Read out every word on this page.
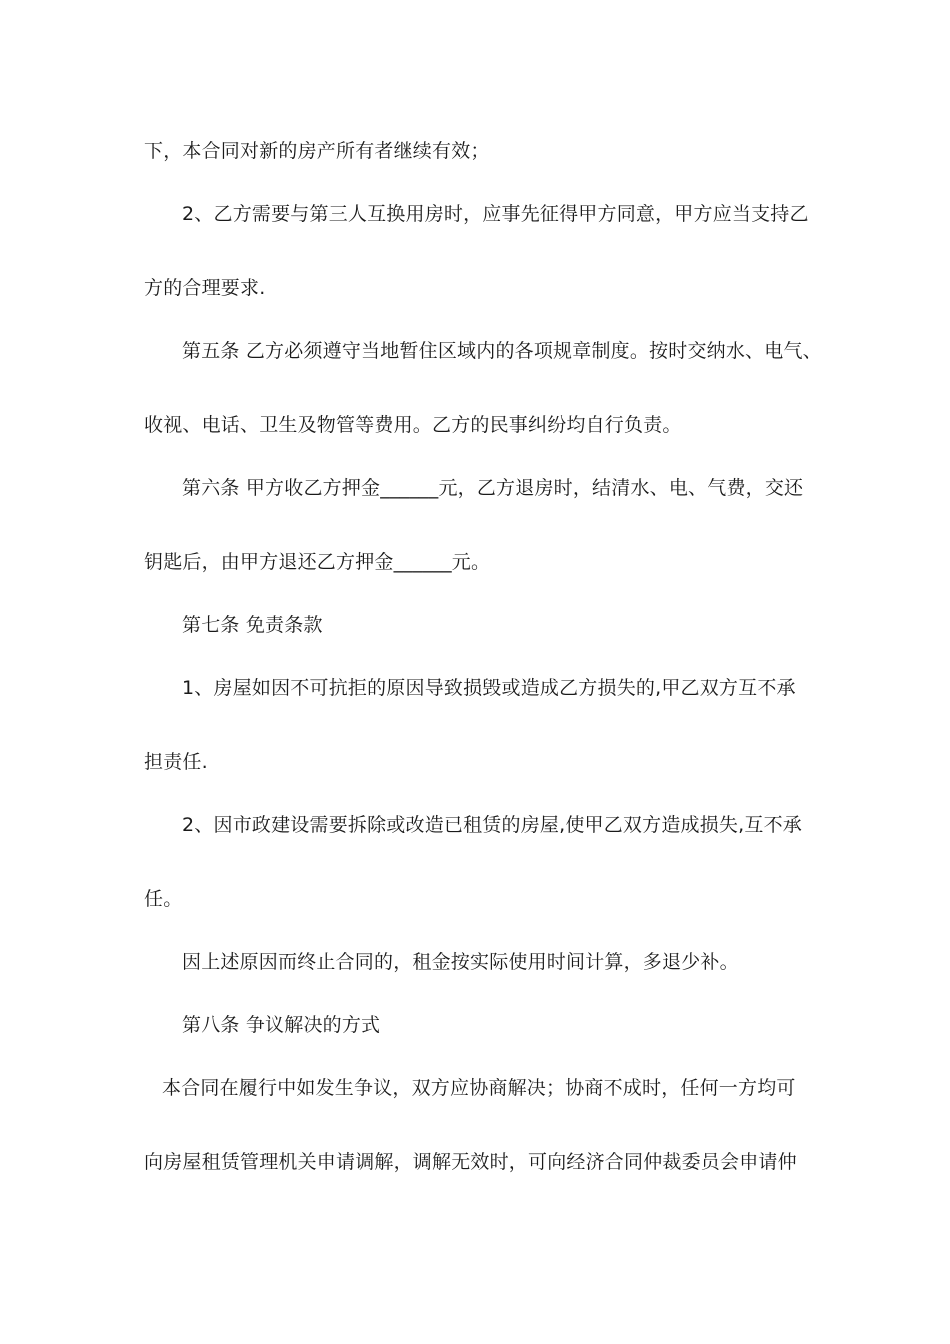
下，本合同对新的房产所有者继续有效；
2、乙方需要与第三人互换用房时，应事先征得甲方同意，甲方应当支持乙
方的合理要求.
第五条 乙方必须遵守当地暂住区域内的各项规章制度。按时交纳水、电气、
收视、电话、卫生及物管等费用。乙方的民事纠纷均自行负责。
第六条 甲方收乙方押金______元，乙方退房时，结清水、电、气费，交还
钥匙后，由甲方退还乙方押金______元。
第七条 免责条款
1、房屋如因不可抗拒的原因导致损毁或造成乙方损失的,甲乙双方互不承
担责任.
2、因市政建设需要拆除或改造已租赁的房屋,使甲乙双方造成损失,互不承
任。
因上述原因而终止合同的，租金按实际使用时间计算，多退少补。
第八条 争议解决的方式
本合同在履行中如发生争议，双方应协商解决；协商不成时，任何一方均可
向房屋租赁管理机关申请调解，调解无效时，可向经济合同仲裁委员会申请仲
